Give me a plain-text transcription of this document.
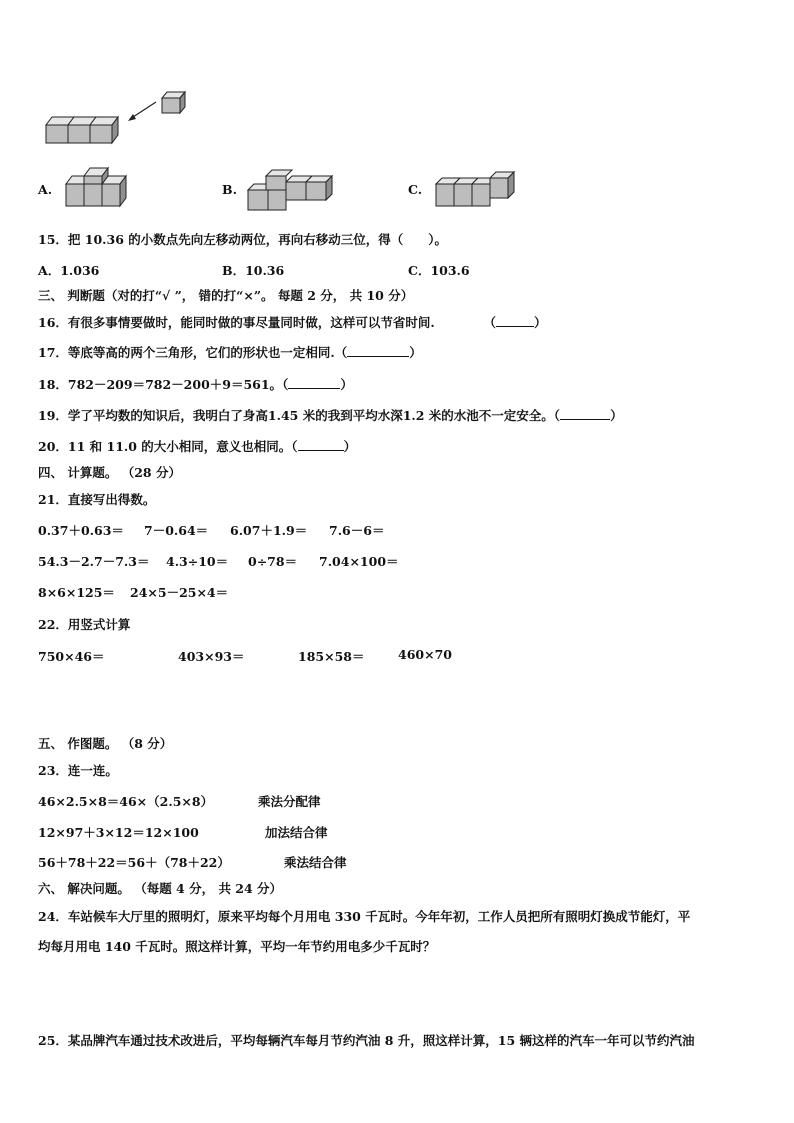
A.	B.	C.
15．把 10.36 的小数点先向左移动两位，再向右移动三位，得（　　）。
A．1.036	B．10.36	C．103.6
三、 判断题（对的打“√ ”， 错的打“×”。 每题 2 分， 共 10 分）
16．有很多事情要做时，能同时做的事尽量同时做，这样可以节省时间.	（	）
17．等底等高的两个三角形，它们的形状也一定相同.（	）
18．782－209＝782－200＋9＝561。（	）
19．学了平均数的知识后，我明白了身高1.45 米的我到平均水深1.2 米的水池不一定安全。（	）
20．11 和 11.0 的大小相同，意义也相同。（	）
四、 计算题。 （28 分）
21．直接写出得数。
0.37＋0.63＝ 7－0.64＝ 6.07＋1.9＝ 7.6－6＝
54.3－2.7－7.3＝ 4.3÷10＝ 0÷78＝ 7.04×100＝
8×6×125＝ 24×5－25×4＝
22．用竖式计算
750×46＝	403×93＝	185×58＝	460×70
五、 作图题。 （8 分）
23．连一连。
46×2.5×8＝46×（2.5×8）	乘法分配律
12×97＋3×12＝12×100	加法结合律
56＋78＋22＝56＋（78＋22）	乘法结合律
六、 解决问题。 （每题 4 分， 共 24 分）
24．车站候车大厅里的照明灯，原来平均每个月用电 330 千瓦时。今年年初，工作人员把所有照明灯换成节能灯，平
均每月用电 140 千瓦时。照这样计算，平均一年节约用电多少千瓦时？
25．某品牌汽车通过技术改进后，平均每辆汽车每月节约汽油 8 升，照这样计算，15 辆这样的汽车一年可以节约汽油
